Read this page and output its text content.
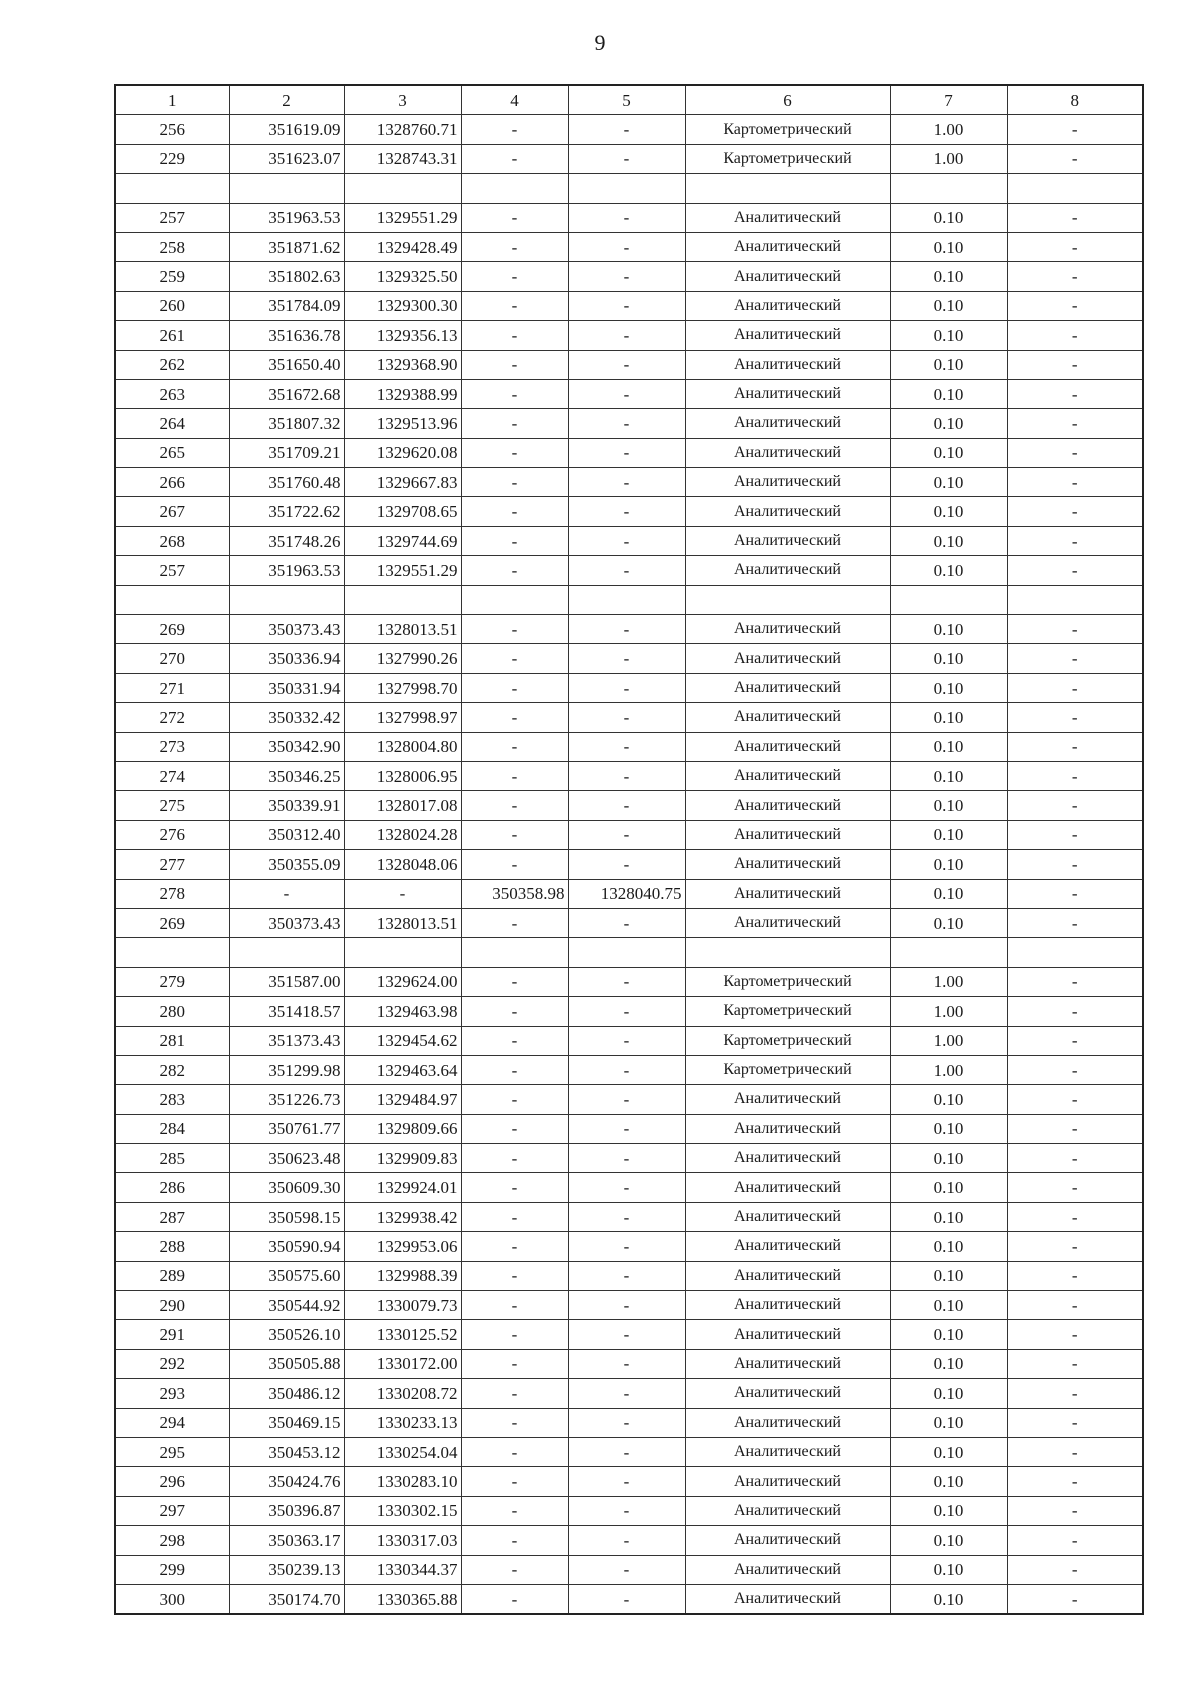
9
1	2	3	4	5	6	7	8
256	351619.09	1328760.71	-	-	Картометрический	1.00	-
229	351623.07	1328743.31	-	-	Картометрический	1.00	-

257	351963.53	1329551.29	-	-	Аналитический	0.10	-
258	351871.62	1329428.49	-	-	Аналитический	0.10	-
259	351802.63	1329325.50	-	-	Аналитический	0.10	-
260	351784.09	1329300.30	-	-	Аналитический	0.10	-
261	351636.78	1329356.13	-	-	Аналитический	0.10	-
262	351650.40	1329368.90	-	-	Аналитический	0.10	-
263	351672.68	1329388.99	-	-	Аналитический	0.10	-
264	351807.32	1329513.96	-	-	Аналитический	0.10	-
265	351709.21	1329620.08	-	-	Аналитический	0.10	-
266	351760.48	1329667.83	-	-	Аналитический	0.10	-
267	351722.62	1329708.65	-	-	Аналитический	0.10	-
268	351748.26	1329744.69	-	-	Аналитический	0.10	-
257	351963.53	1329551.29	-	-	Аналитический	0.10	-

269	350373.43	1328013.51	-	-	Аналитический	0.10	-
270	350336.94	1327990.26	-	-	Аналитический	0.10	-
271	350331.94	1327998.70	-	-	Аналитический	0.10	-
272	350332.42	1327998.97	-	-	Аналитический	0.10	-
273	350342.90	1328004.80	-	-	Аналитический	0.10	-
274	350346.25	1328006.95	-	-	Аналитический	0.10	-
275	350339.91	1328017.08	-	-	Аналитический	0.10	-
276	350312.40	1328024.28	-	-	Аналитический	0.10	-
277	350355.09	1328048.06	-	-	Аналитический	0.10	-
278	-	-	350358.98	1328040.75	Аналитический	0.10	-
269	350373.43	1328013.51	-	-	Аналитический	0.10	-

279	351587.00	1329624.00	-	-	Картометрический	1.00	-
280	351418.57	1329463.98	-	-	Картометрический	1.00	-
281	351373.43	1329454.62	-	-	Картометрический	1.00	-
282	351299.98	1329463.64	-	-	Картометрический	1.00	-
283	351226.73	1329484.97	-	-	Аналитический	0.10	-
284	350761.77	1329809.66	-	-	Аналитический	0.10	-
285	350623.48	1329909.83	-	-	Аналитический	0.10	-
286	350609.30	1329924.01	-	-	Аналитический	0.10	-
287	350598.15	1329938.42	-	-	Аналитический	0.10	-
288	350590.94	1329953.06	-	-	Аналитический	0.10	-
289	350575.60	1329988.39	-	-	Аналитический	0.10	-
290	350544.92	1330079.73	-	-	Аналитический	0.10	-
291	350526.10	1330125.52	-	-	Аналитический	0.10	-
292	350505.88	1330172.00	-	-	Аналитический	0.10	-
293	350486.12	1330208.72	-	-	Аналитический	0.10	-
294	350469.15	1330233.13	-	-	Аналитический	0.10	-
295	350453.12	1330254.04	-	-	Аналитический	0.10	-
296	350424.76	1330283.10	-	-	Аналитический	0.10	-
297	350396.87	1330302.15	-	-	Аналитический	0.10	-
298	350363.17	1330317.03	-	-	Аналитический	0.10	-
299	350239.13	1330344.37	-	-	Аналитический	0.10	-
300	350174.70	1330365.88	-	-	Аналитический	0.10	-
